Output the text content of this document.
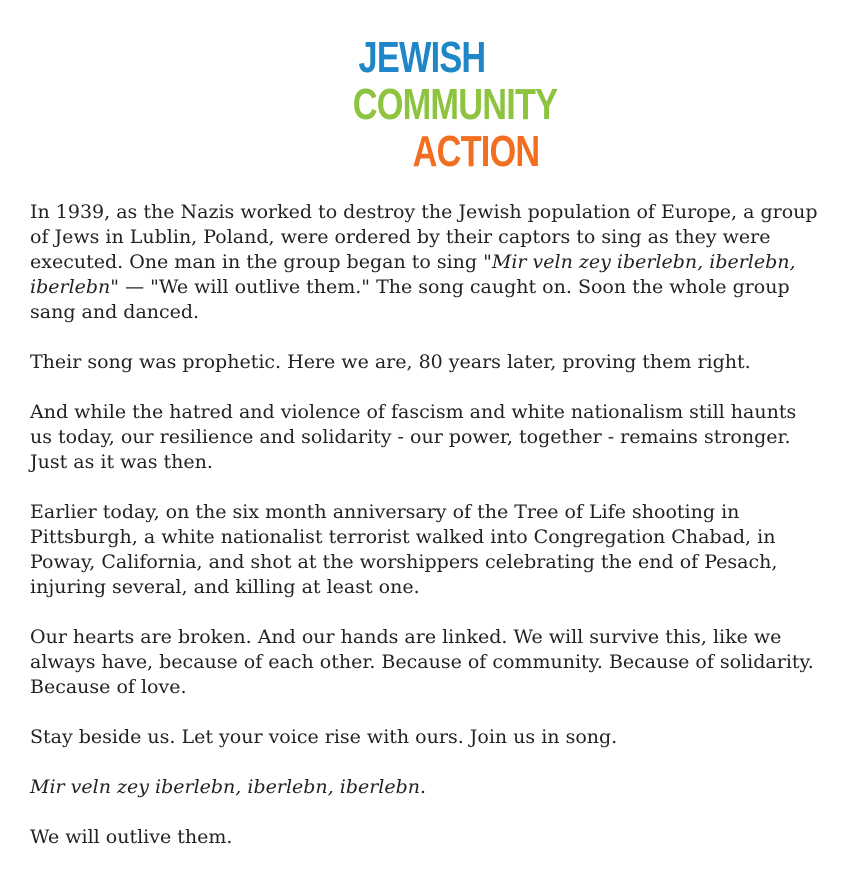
JEWISH
COMMUNITY
ACTION

In 1939, as the Nazis worked to destroy the Jewish population of Europe, a group of Jews in Lublin, Poland, were ordered by their captors to sing as they were executed. One man in the group began to sing "Mir veln zey iberlebn, iberlebn, iberlebn" — "We will outlive them." The song caught on. Soon the whole group sang and danced.

Their song was prophetic. Here we are, 80 years later, proving them right.

And while the hatred and violence of fascism and white nationalism still haunts us today, our resilience and solidarity - our power, together - remains stronger. Just as it was then.

Earlier today, on the six month anniversary of the Tree of Life shooting in Pittsburgh, a white nationalist terrorist walked into Congregation Chabad, in Poway, California, and shot at the worshippers celebrating the end of Pesach, injuring several, and killing at least one.

Our hearts are broken. And our hands are linked. We will survive this, like we always have, because of each other. Because of community. Because of solidarity. Because of love.

Stay beside us. Let your voice rise with ours. Join us in song.

Mir veln zey iberlebn, iberlebn, iberlebn.

We will outlive them.
